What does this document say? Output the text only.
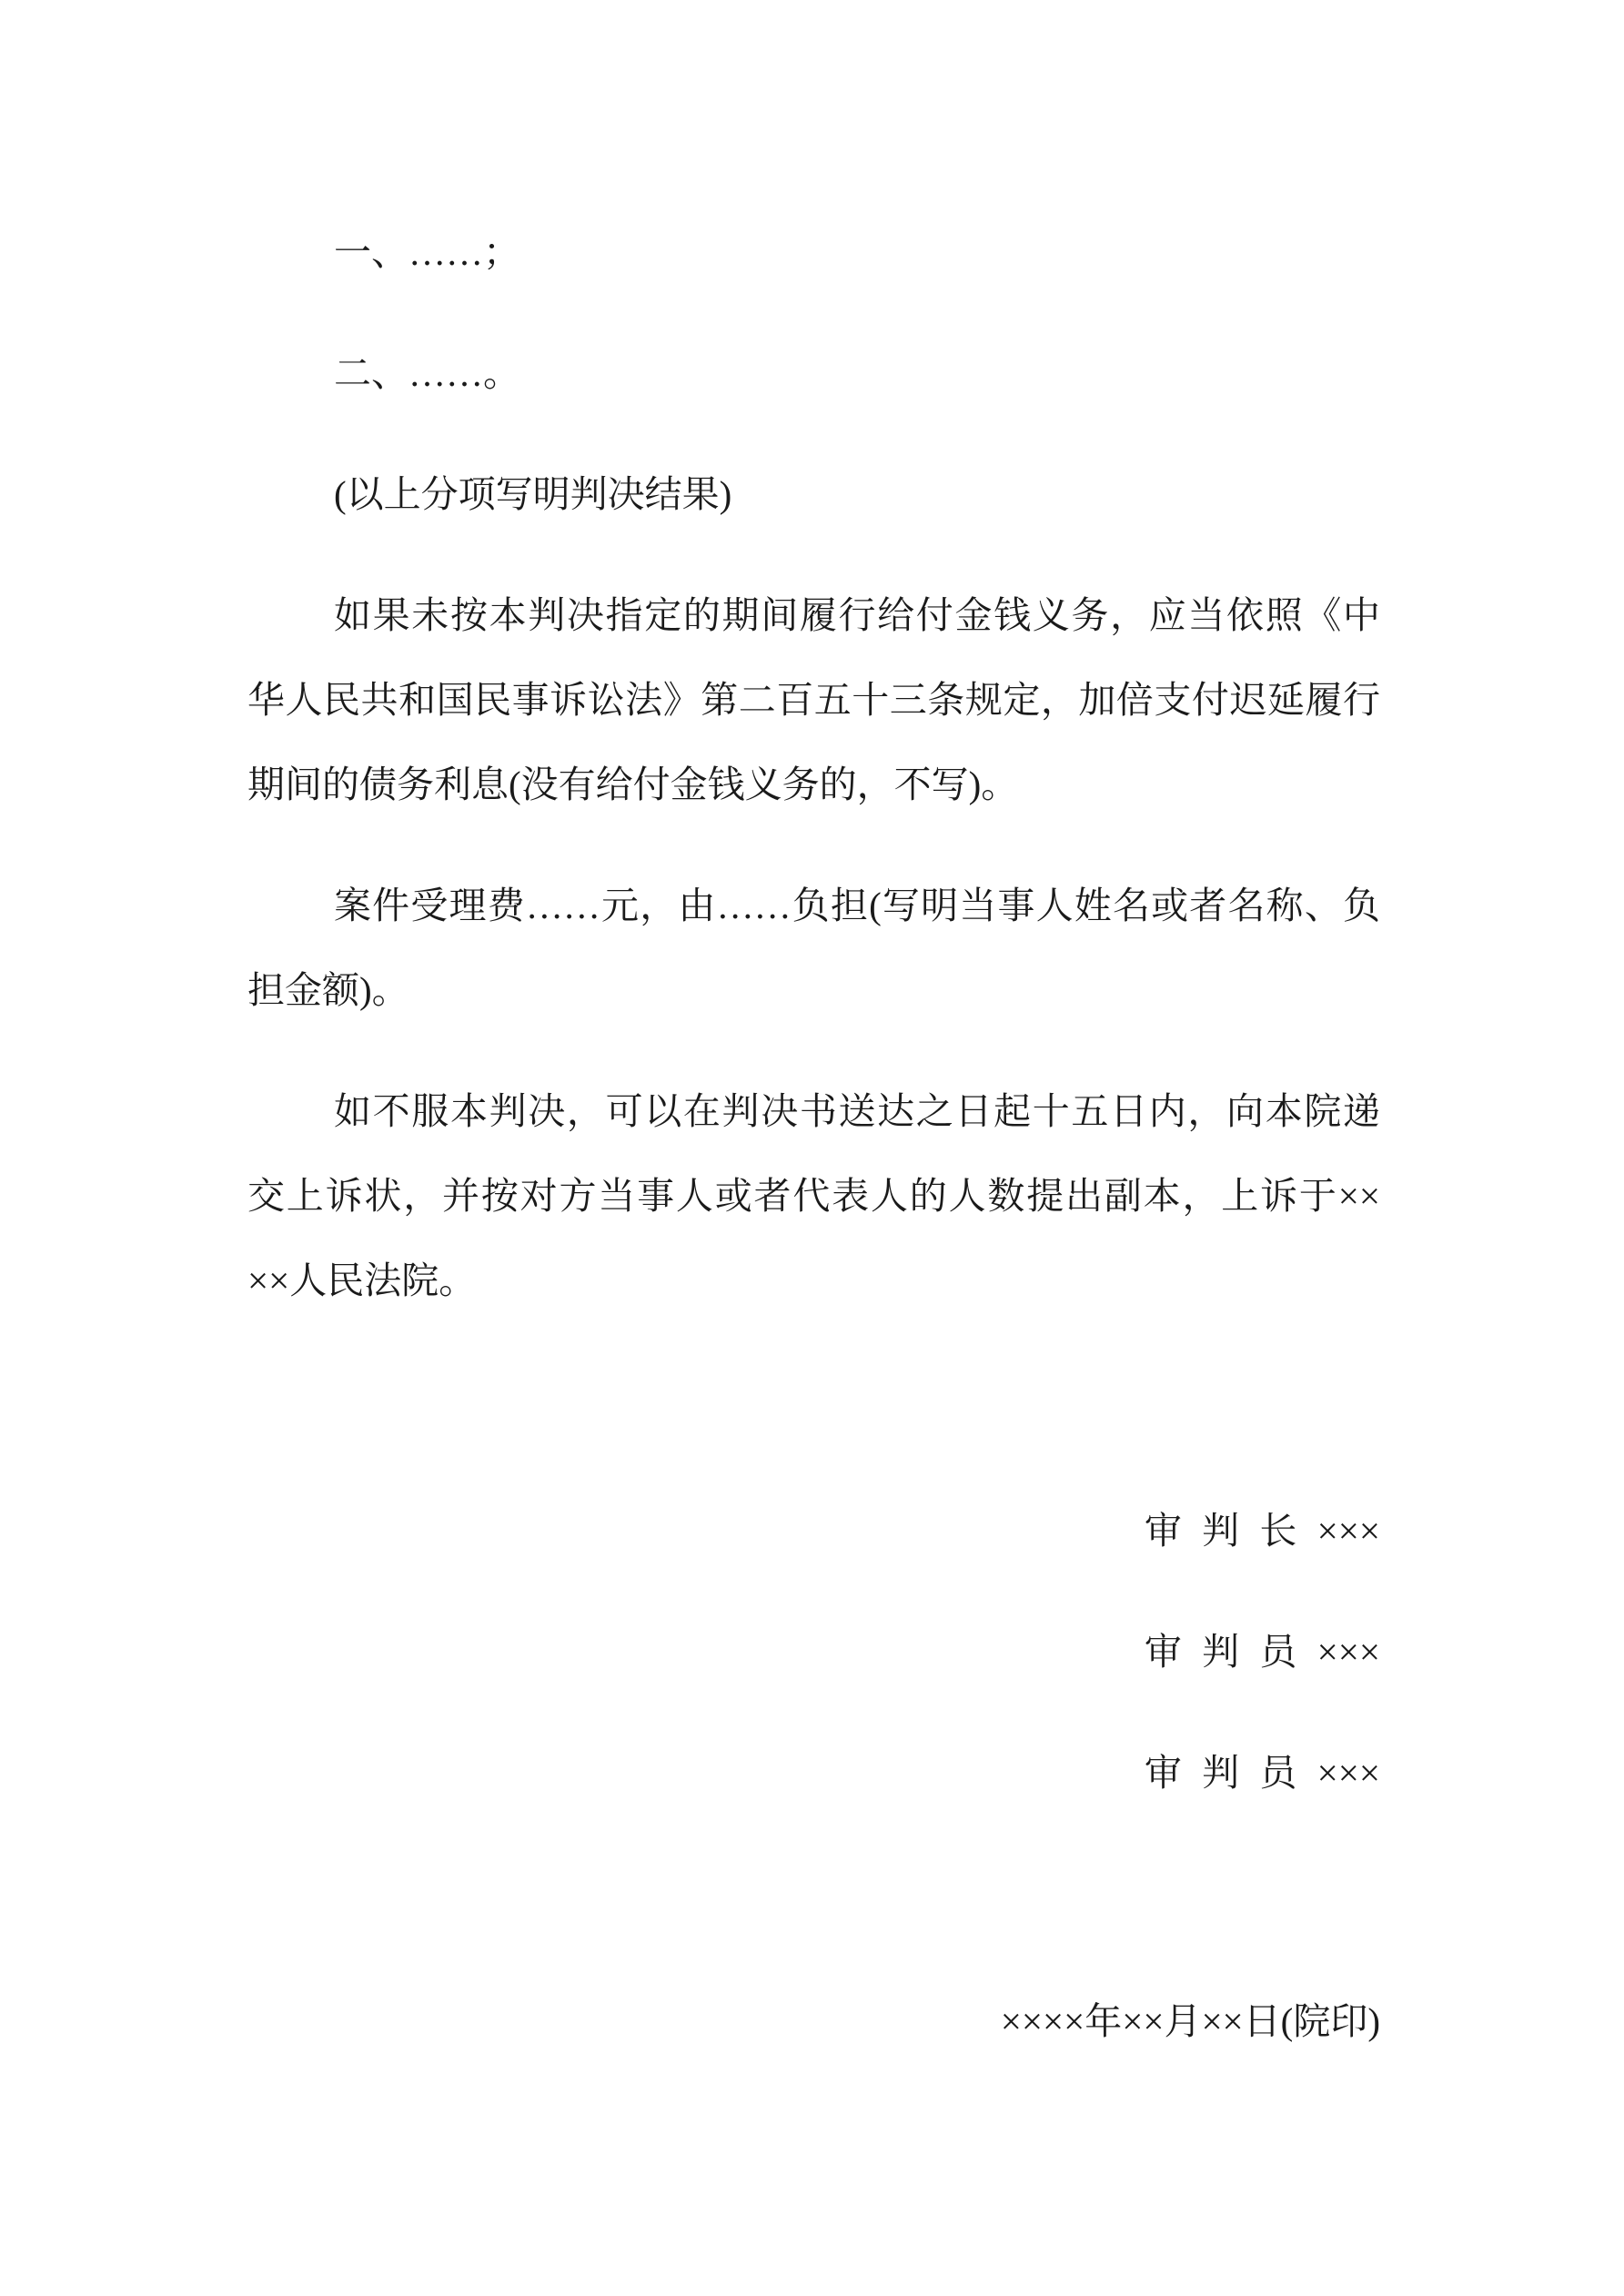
一、……；
二、……。
(以上分项写明判决结果)
如果未按本判决指定的期间履行给付金钱义务，应当依照《中
华人民共和国民事诉讼法》第二百五十三条规定，加倍支付迟延履行
期间的债务利息(没有给付金钱义务的，不写)。
案件受理费……元，由……负担(写明当事人姓名或者名称、负
担金额)。
如不服本判决，可以在判决书送达之日起十五日内，向本院递
交上诉状，并按对方当事人或者代表人的人数提出副本，上诉于××
××人民法院。
审 判 长 ×××
审 判 员 ×××
审 判 员 ×××
××××年××月××日(院印)
